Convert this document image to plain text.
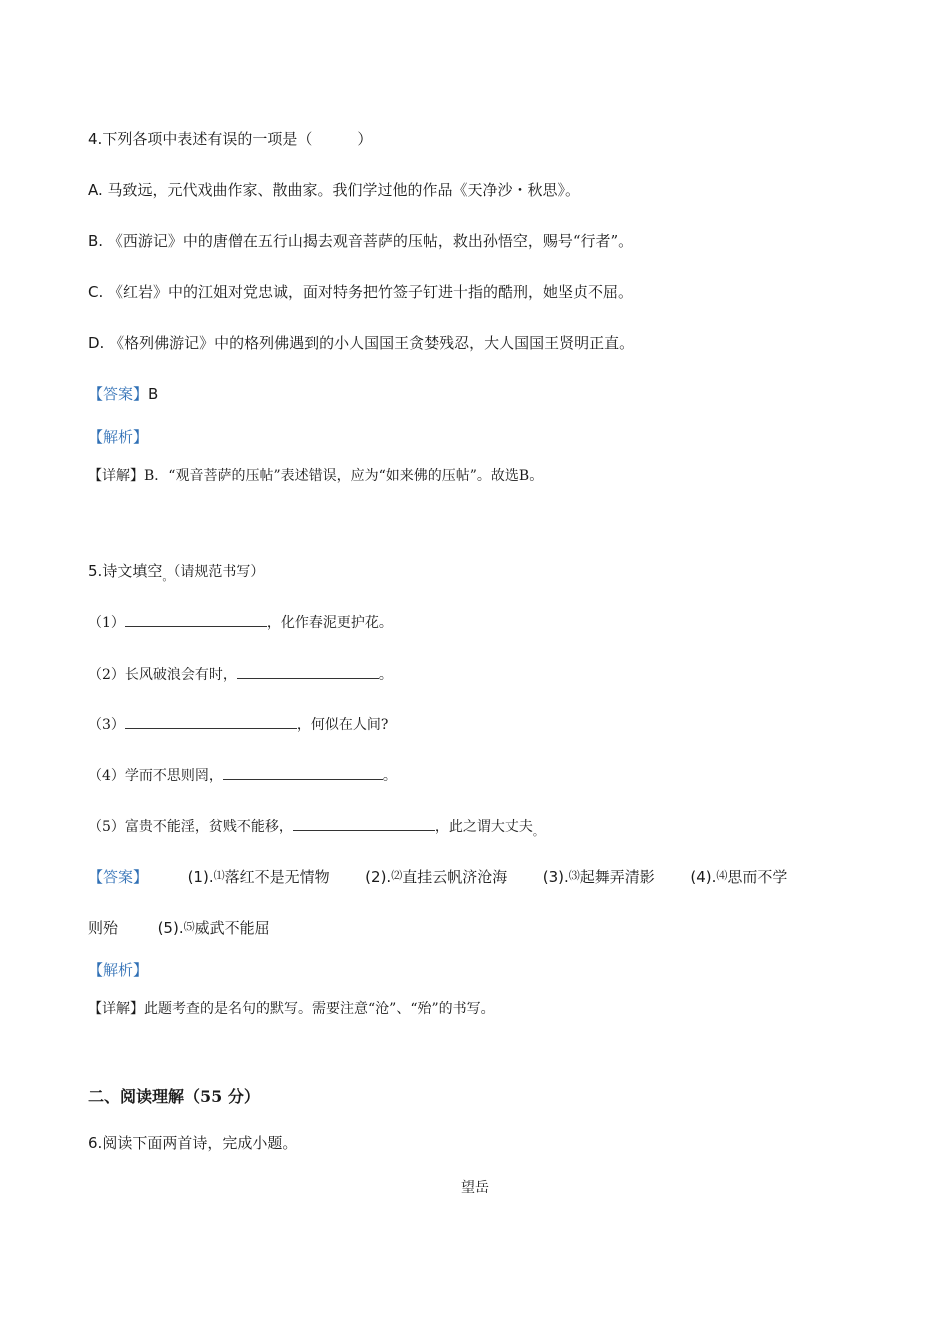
4.下列各项中表述有误的一项是（　　　）
A. 马致远，元代戏曲作家、散曲家。我们学过他的作品《天净沙・秋思》。
B. 《西游记》中的唐僧在五行山揭去观音菩萨的压帖，救出孙悟空，赐号“行者”。
C. 《红岩》中的江姐对党忠诚，面对特务把竹签子钉进十指的酷刑，她坚贞不屈。
D. 《格列佛游记》中的格列佛遇到的小人国国王贪婪残忍，大人国国王贤明正直。
【答案】B
【解析】
【详解】B．“观音菩萨的压帖”表述错误，应为“如来佛的压帖”。故选B。
5.诗文填空$_。$（请规范书写）
（1）	，化作春泥更护花。
（2）长风破浪会有时，	。
（3）	，何似在人间?
（4）学而不思则罔，	。
（5）富贵不能淫，贫贱不能移，	，此之谓大丈夫$_。$
【答案】	(1).⑴落红不是无情物 (2).⑵直挂云帆济沧海 (3).⑶起舞弄清影 (4).⑷思而不学
则殆	(5).⑸威武不能屈
【解析】
【详解】此题考查的是名句的默写。需要注意“沧”、“殆”的书写。
二、阅读理解（55 分）
6.阅读下面两首诗，完成小题。
望岳
